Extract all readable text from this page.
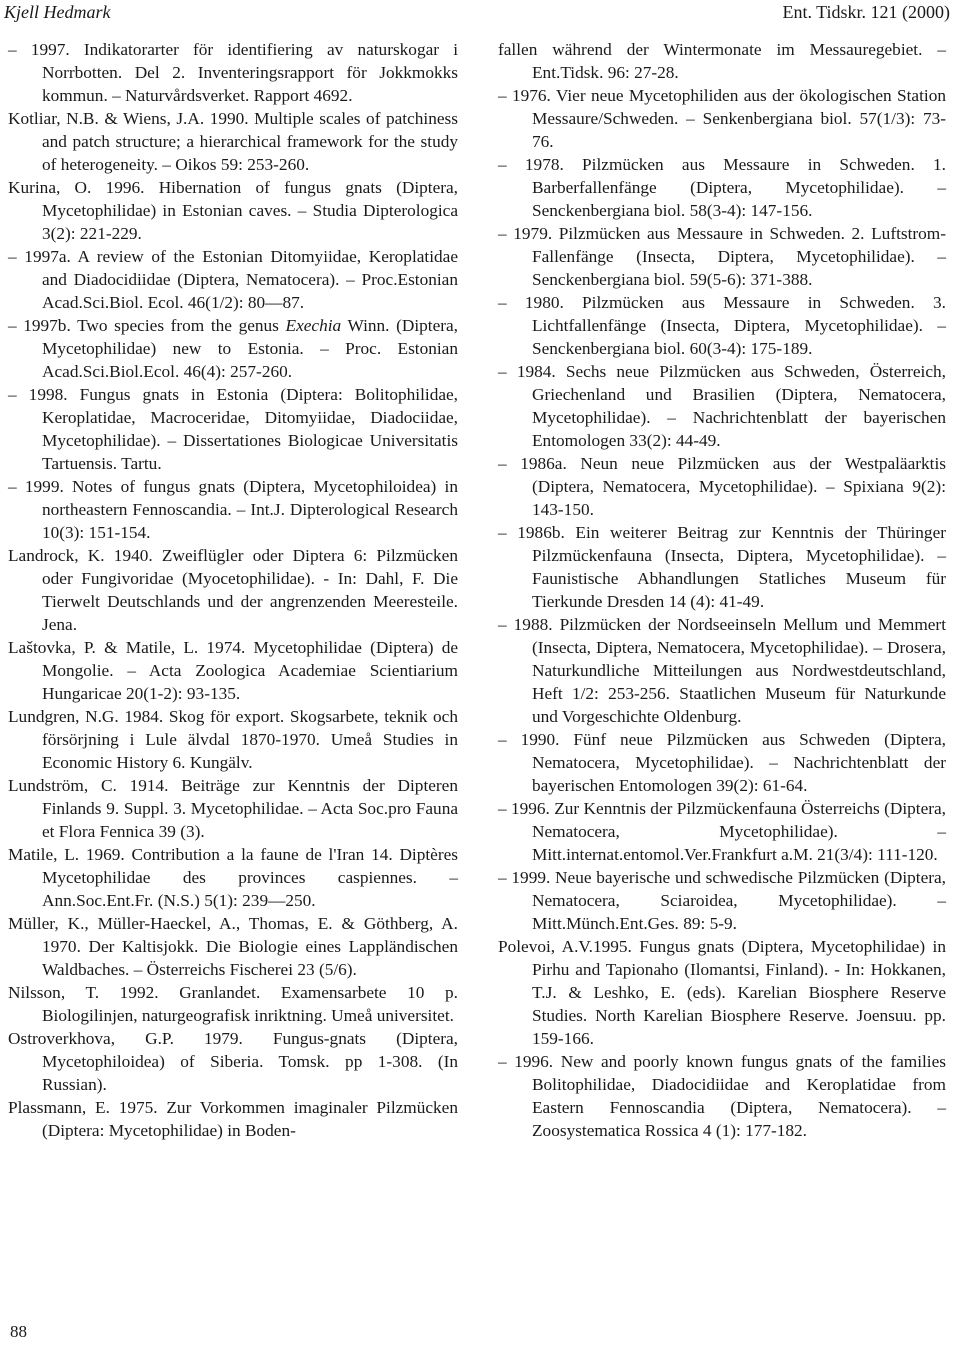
Kjell Hedmark	Ent. Tidskr. 121 (2000)

– 1997. Indikatorarter för identifiering av naturskogar i Norrbotten. Del 2. Inventeringsrapport för Jokkmokks kommun. – Naturvårdsverket. Rapport 4692.

Kotliar, N.B. & Wiens, J.A. 1990. Multiple scales of patchiness and patch structure; a hierarchical framework for the study of heterogeneity. – Oikos 59: 253-260.

Kurina, O. 1996. Hibernation of fungus gnats (Diptera, Mycetophilidae) in Estonian caves. – Studia Dipterologica 3(2): 221-229.

– 1997a. A review of the Estonian Ditomyiidae, Keroplatidae and Diadocidiidae (Diptera, Nematocera). – Proc.Estonian Acad.Sci.Biol. Ecol. 46(1/2): 80—87.

– 1997b. Two species from the genus Exechia Winn. (Diptera, Mycetophilidae) new to Estonia. – Proc. Estonian Acad.Sci.Biol.Ecol. 46(4): 257-260.

– 1998. Fungus gnats in Estonia (Diptera: Bolitophilidae, Keroplatidae, Macroceridae, Ditomyiidae, Diadociidae, Mycetophilidae). – Dissertationes Biologicae Universitatis Tartuensis. Tartu.

– 1999. Notes of fungus gnats (Diptera, Mycetophiloidea) in northeastern Fennoscandia. – Int.J. Dipterological Research 10(3): 151-154.

Landrock, K. 1940. Zweiflügler oder Diptera 6: Pilzmücken oder Fungivoridae (Myocetophilidae). - In: Dahl, F. Die Tierwelt Deutschlands und der angrenzenden Meeresteile. Jena.

Laštovka, P. & Matile, L. 1974. Mycetophilidae (Diptera) de Mongolie. – Acta Zoologica Academiae Scientiarium Hungaricae 20(1-2): 93-135.

Lundgren, N.G. 1984. Skog för export. Skogsarbete, teknik och försörjning i Lule älvdal 1870-1970. Umeå Studies in Economic History 6. Kungälv.

Lundström, C. 1914. Beiträge zur Kenntnis der Dipteren Finlands 9. Suppl. 3. Mycetophilidae. – Acta Soc.pro Fauna et Flora Fennica 39 (3).

Matile, L. 1969. Contribution a la faune de l'Iran 14. Diptères Mycetophilidae des provinces caspiennes. – Ann.Soc.Ent.Fr. (N.S.) 5(1): 239—250.

Müller, K., Müller-Haeckel, A., Thomas, E. & Göthberg, A. 1970. Der Kaltisjokk. Die Biologie eines Lappländischen Waldbaches. – Österreichs Fischerei 23 (5/6).

Nilsson, T. 1992. Granlandet. Examensarbete 10 p. Biologilinjen, naturgeografisk inriktning. Umeå universitet.

Ostroverkhova, G.P. 1979. Fungus-gnats (Diptera, Mycetophiloidea) of Siberia. Tomsk. pp 1-308. (In Russian).

Plassmann, E. 1975. Zur Vorkommen imaginaler Pilzmücken (Diptera: Mycetophilidae) in Boden-

fallen während der Wintermonate im Messauregebiet. – Ent.Tidsk. 96: 27-28.

– 1976. Vier neue Mycetophiliden aus der ökologischen Station Messaure/Schweden. – Senkenbergiana biol. 57(1/3): 73-76.

– 1978. Pilzmücken aus Messaure in Schweden. 1. Barberfallenfänge (Diptera, Mycetophilidae). – Senckenbergiana biol. 58(3-4): 147-156.

– 1979. Pilzmücken aus Messaure in Schweden. 2. Luftstrom-Fallenfänge (Insecta, Diptera, Mycetophilidae). – Senckenbergiana biol. 59(5-6): 371-388.

– 1980. Pilzmücken aus Messaure in Schweden. 3. Lichtfallenfänge (Insecta, Diptera, Mycetophilidae). – Senckenbergiana biol. 60(3-4): 175-189.

– 1984. Sechs neue Pilzmücken aus Schweden, Österreich, Griechenland und Brasilien (Diptera, Nematocera, Mycetophilidae). – Nachrichtenblatt der bayerischen Entomologen 33(2): 44-49.

– 1986a. Neun neue Pilzmücken aus der Westpaläarktis (Diptera, Nematocera, Mycetophilidae). – Spixiana 9(2): 143-150.

– 1986b. Ein weiterer Beitrag zur Kenntnis der Thüringer Pilzmückenfauna (Insecta, Diptera, Mycetophilidae). – Faunistische Abhandlungen Statliches Museum für Tierkunde Dresden 14 (4): 41-49.

– 1988. Pilzmücken der Nordseeinseln Mellum und Memmert (Insecta, Diptera, Nematocera, Mycetophilidae). – Drosera, Naturkundliche Mitteilungen aus Nordwestdeutschland, Heft 1/2: 253-256. Staatlichen Museum für Naturkunde und Vorgeschichte Oldenburg.

– 1990. Fünf neue Pilzmücken aus Schweden (Diptera, Nematocera, Mycetophilidae). – Nachrichtenblatt der bayerischen Entomologen 39(2): 61-64.

– 1996. Zur Kenntnis der Pilzmückenfauna Österreichs (Diptera, Nematocera, Mycetophilidae). – Mitt.internat.entomol.Ver.Frankfurt a.M. 21(3/4): 111-120.

– 1999. Neue bayerische und schwedische Pilzmücken (Diptera, Nematocera, Sciaroidea, Mycetophilidae). – Mitt.Münch.Ent.Ges. 89: 5-9.

Polevoi, A.V.1995. Fungus gnats (Diptera, Mycetophilidae) in Pirhu and Tapionaho (Ilomantsi, Finland). - In: Hokkanen, T.J. & Leshko, E. (eds). Karelian Biosphere Reserve Studies. North Karelian Biosphere Reserve. Joensuu. pp. 159-166.

– 1996. New and poorly known fungus gnats of the families Bolitophilidae, Diadocidiidae and Keroplatidae from Eastern Fennoscandia (Diptera, Nematocera). – Zoosystematica Rossica 4 (1): 177-182.

88
